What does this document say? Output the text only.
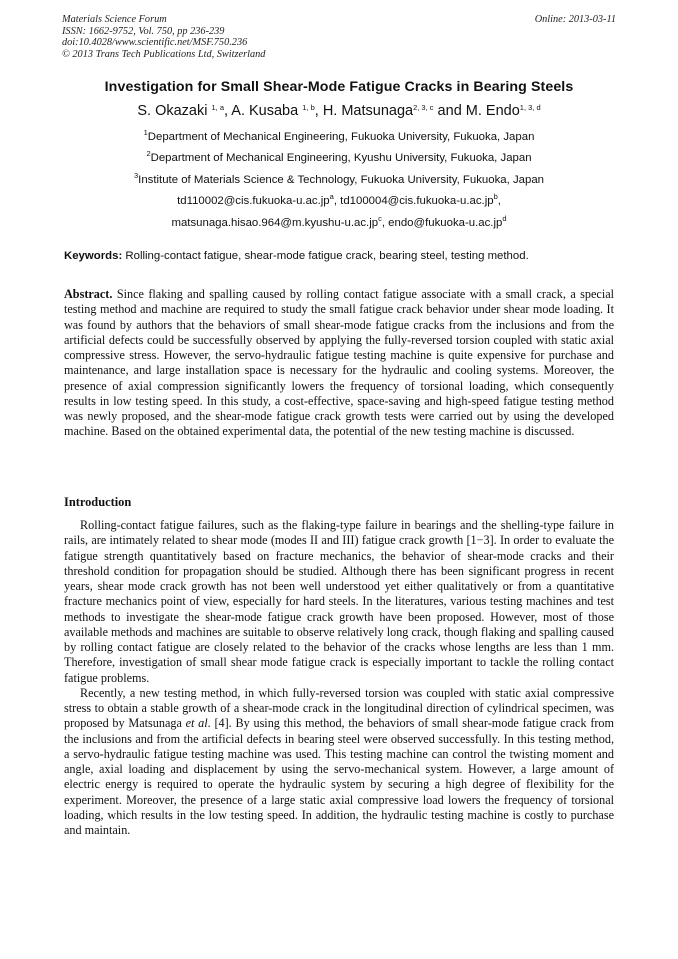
Materials Science Forum
ISSN: 1662-9752, Vol. 750, pp 236-239
doi:10.4028/www.scientific.net/MSF.750.236
© 2013 Trans Tech Publications Ltd, Switzerland
Online: 2013-03-11
Investigation for Small Shear-Mode Fatigue Cracks in Bearing Steels
S. Okazaki $^{1, a}$, A. Kusaba $^{1, b}$, H. Matsunaga$^{2, 3, c}$ and M. Endo$^{1, 3, d}$
$^1$Department of Mechanical Engineering, Fukuoka University, Fukuoka, Japan
$^2$Department of Mechanical Engineering, Kyushu University, Fukuoka, Japan
$^3$Institute of Materials Science & Technology, Fukuoka University, Fukuoka, Japan
$td110002@cis.fukuoka-u.ac.jp^a$, $td100004@cis.fukuoka-u.ac.jp^b$,
$matsunaga.hisao.964@m.kyushu-u.ac.jp^c$, $endo@fukuoka-u.ac.jp^d$
Keywords: Rolling-contact fatigue, shear-mode fatigue crack, bearing steel, testing method.
Abstract. Since flaking and spalling caused by rolling contact fatigue associate with a small crack, a special testing method and machine are required to study the small fatigue crack behavior under shear mode loading. It was found by authors that the behaviors of small shear-mode fatigue cracks from the inclusions and from the artificial defects could be successfully observed by applying the fully-reversed torsion coupled with static axial compressive stress. However, the servo-hydraulic fatigue testing machine is quite expensive for purchase and maintenance, and large installation space is necessary for the hydraulic and cooling systems. Moreover, the presence of axial compression significantly lowers the frequency of torsional loading, which consequently results in low testing speed. In this study, a cost-effective, space-saving and high-speed fatigue testing method was newly proposed, and the shear-mode fatigue crack growth tests were carried out by using the developed machine. Based on the obtained experimental data, the potential of the new testing machine is discussed.
Introduction

Rolling-contact fatigue failures, such as the flaking-type failure in bearings and the shelling-type failure in rails, are intimately related to shear mode (modes II and III) fatigue crack growth [1−3]. In order to evaluate the fatigue strength quantitatively based on fracture mechanics, the behavior of shear-mode cracks and their threshold condition for propagation should be studied. Although there has been significant progress in recent years, shear mode crack growth has not been well understood yet either qualitatively or from a quantitative fracture mechanics point of view, especially for hard steels. In the literatures, various testing machines and test methods to investigate the shear-mode fatigue crack growth have been proposed. However, most of those available methods and machines are suitable to observe relatively long crack, though flaking and spalling caused by rolling contact fatigue are closely related to the behavior of the cracks whose lengths are less than 1 mm. Therefore, investigation of small shear mode fatigue crack is especially important to tackle the rolling contact fatigue problems.

Recently, a new testing method, in which fully-reversed torsion was coupled with static axial compressive stress to obtain a stable growth of a shear-mode crack in the longitudinal direction of cylindrical specimen, was proposed by Matsunaga et al. [4]. By using this method, the behaviors of small shear-mode fatigue crack from the inclusions and from the artificial defects in bearing steel were observed successfully. In this testing method, a servo-hydraulic fatigue testing machine was used. This testing machine can control the twisting moment and angle, axial loading and displacement by using the servo-mechanical system. However, a large amount of electric energy is required to operate the hydraulic system by securing a high degree of flexibility for the experiment. Moreover, the presence of a large static axial compressive load lowers the frequency of torsional loading, which results in the low testing speed. In addition, the hydraulic testing machine is costly to purchase and maintain.
